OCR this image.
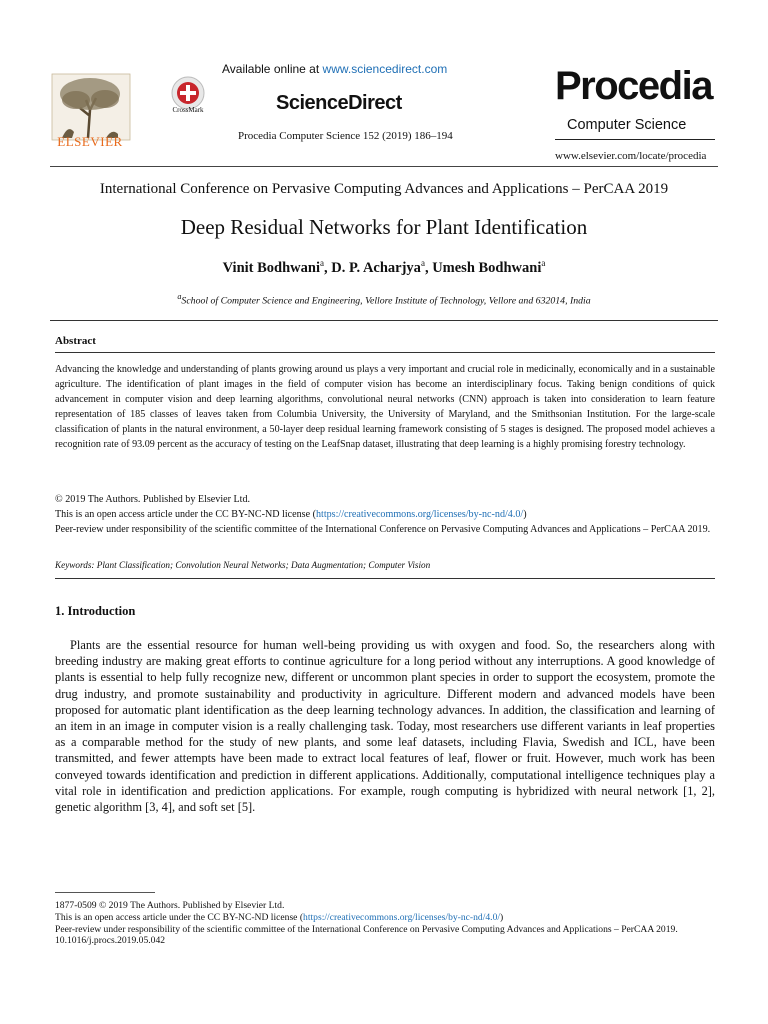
ELSEVIER
CrossMark
Available online at www.sciencedirect.com
ScienceDirect
Procedia Computer Science 152 (2019) 186–194
Procedia
Computer Science
www.elsevier.com/locate/procedia
International Conference on Pervasive Computing Advances and Applications – PerCAA 2019
Deep Residual Networks for Plant Identification
Vinit Bodhwani$^a$, D. P. Acharjya$^a$, Umesh Bodhwani$^a$
$^a$School of Computer Science and Engineering, Vellore Institute of Technology, Vellore and 632014, India
Abstract
Advancing the knowledge and understanding of plants growing around us plays a very important and crucial role in medicinally, economically and in a sustainable agriculture. The identification of plant images in the field of computer vision has become an interdisciplinary focus. Taking benign conditions of quick advancement in computer vision and deep learning algorithms, convolutional neural networks (CNN) approach is taken into consideration to learn feature representation of 185 classes of leaves taken from Columbia University, the University of Maryland, and the Smithsonian Institution. For the large-scale classification of plants in the natural environment, a 50-layer deep residual learning framework consisting of 5 stages is designed. The proposed model achieves a recognition rate of 93.09 percent as the accuracy of testing on the LeafSnap dataset, illustrating that deep learning is a highly promising forestry technology.
© 2019 The Authors. Published by Elsevier Ltd.
This is an open access article under the CC BY-NC-ND license (https://creativecommons.org/licenses/by-nc-nd/4.0/)
Peer-review under responsibility of the scientific committee of the International Conference on Pervasive Computing Advances and Applications – PerCAA 2019.
Keywords: Plant Classification; Convolution Neural Networks; Data Augmentation; Computer Vision
1. Introduction
Plants are the essential resource for human well-being providing us with oxygen and food. So, the researchers along with breeding industry are making great efforts to continue agriculture for a long period without any interruptions. A good knowledge of plants is essential to help fully recognize new, different or uncommon plant species in order to support the ecosystem, promote the drug industry, and promote sustainability and productivity in agriculture. Different modern and advanced models have been proposed for automatic plant identification as the deep learning technology advances. In addition, the classification and learning of an item in an image in computer vision is a really challenging task. Today, most researchers use different variants in leaf properties as a comparable method for the study of new plants, and some leaf datasets, including Flavia, Swedish and ICL, have been transmitted, and fewer attempts have been made to extract local features of leaf, flower or fruit. However, much work has been conveyed towards identification and prediction in different applications. Additionally, computational intelligence techniques play a vital role in identification and prediction applications. For example, rough computing is hybridized with neural network [1, 2], genetic algorithm [3, 4], and soft set [5].
1877-0509 © 2019 The Authors. Published by Elsevier Ltd.
This is an open access article under the CC BY-NC-ND license (https://creativecommons.org/licenses/by-nc-nd/4.0/)
Peer-review under responsibility of the scientific committee of the International Conference on Pervasive Computing Advances and Applications – PerCAA 2019.
10.1016/j.procs.2019.05.042
